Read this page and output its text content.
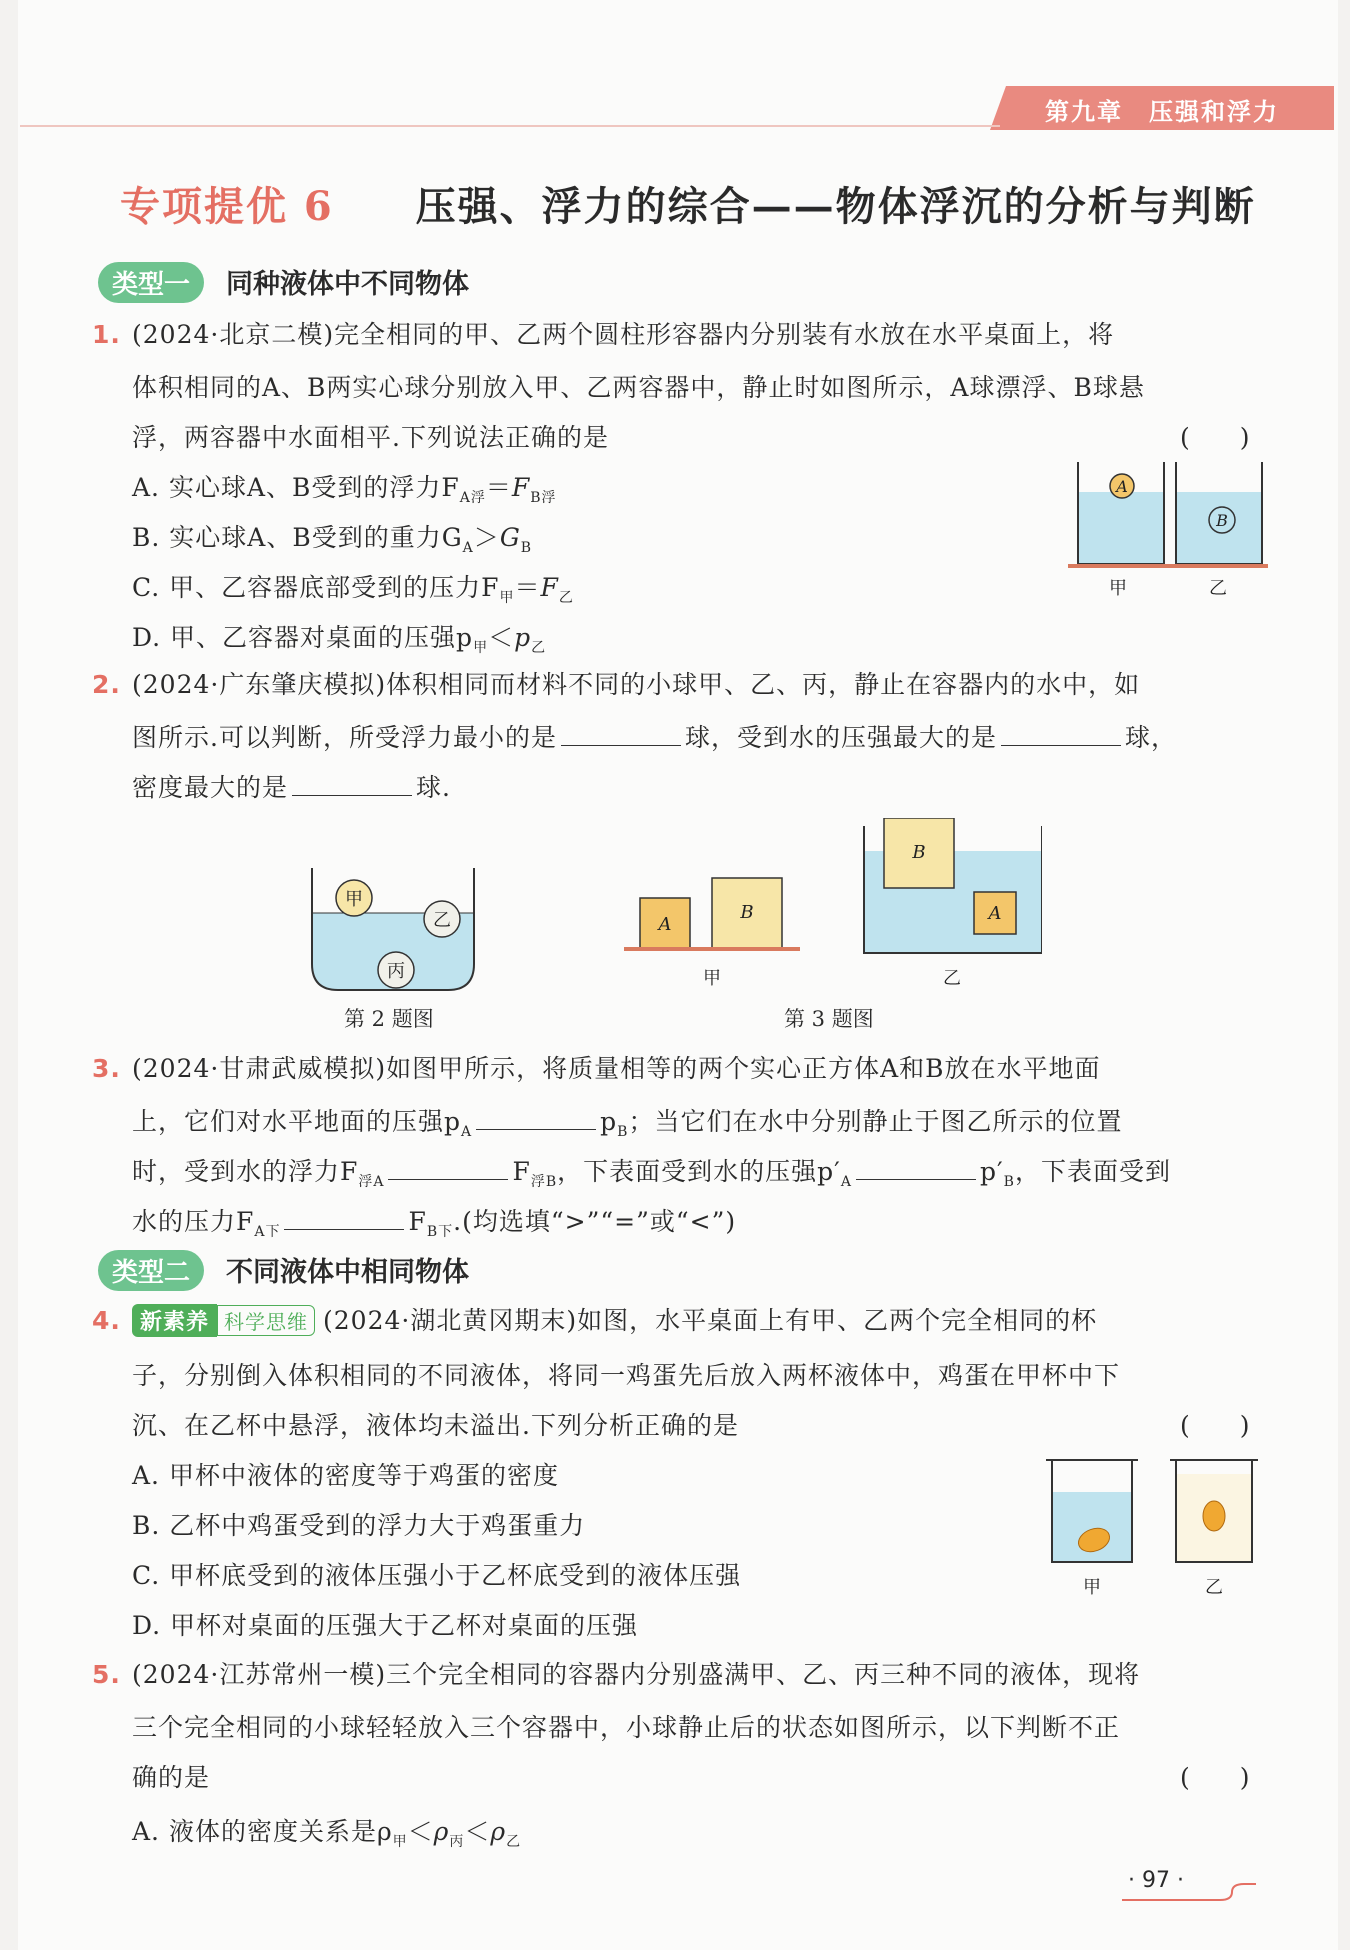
第九章　压强和浮力
专项提优 6 压强、浮力的综合——物体浮沉的分析与判断
类型一 同种液体中不同物体
1. (2024·北京二模)完全相同的甲、乙两个圆柱形容器内分别装有水放在水平桌面上，将
体积相同的A、B两实心球分别放入甲、乙两容器中，静止时如图所示，A球漂浮、B球悬
浮，两容器中水面相平.下列说法正确的是	(　　)
A. 实心球A、B受到的浮力$F_{A浮}=F_{B浮}$
B. 实心球A、B受到的重力$G_A>G_B$
C. 甲、乙容器底部受到的压力$F_甲=F_乙$
D. 甲、乙容器对桌面的压强$p_甲<p_乙$
A
B
甲	乙
2. (2024·广东肇庆模拟)体积相同而材料不同的小球甲、乙、丙，静止在容器内的水中，如
图所示.可以判断，所受浮力最小的是	球，受到水的压强最大的是	球，
密度最大的是	球.
甲
乙
丙
第 2 题图
A
B
甲
B
A
乙
第 3 题图
3. (2024·甘肃武威模拟)如图甲所示，将质量相等的两个实心正方体A和B放在水平地面
上，它们对水平地面的压强$p_A$	$p_B$；当它们在水中分别静止于图乙所示的位置
时，受到水的浮力$F_{浮A}$	$F_{浮B}$，下表面受到水的压强$p'_A$	$p'_B$，下表面受到
水的压力$F_{A下}$	$F_{B下}$.(均选填“>”“=”或“<”)
类型二 不同液体中相同物体
4. 新素养 科学思维 (2024·湖北黄冈期末)如图，水平桌面上有甲、乙两个完全相同的杯
子，分别倒入体积相同的不同液体，将同一鸡蛋先后放入两杯液体中，鸡蛋在甲杯中下
沉、在乙杯中悬浮，液体均未溢出.下列分析正确的是	(　　)
A. 甲杯中液体的密度等于鸡蛋的密度
B. 乙杯中鸡蛋受到的浮力大于鸡蛋重力
C. 甲杯底受到的液体压强小于乙杯底受到的液体压强
D. 甲杯对桌面的压强大于乙杯对桌面的压强
甲	乙
5. (2024·江苏常州一模)三个完全相同的容器内分别盛满甲、乙、丙三种不同的液体，现将
三个完全相同的小球轻轻放入三个容器中，小球静止后的状态如图所示，以下判断不正
确的是	(　　)
A. 液体的密度关系是$\rho_甲<\rho_丙<\rho_乙$
· 97 ·
